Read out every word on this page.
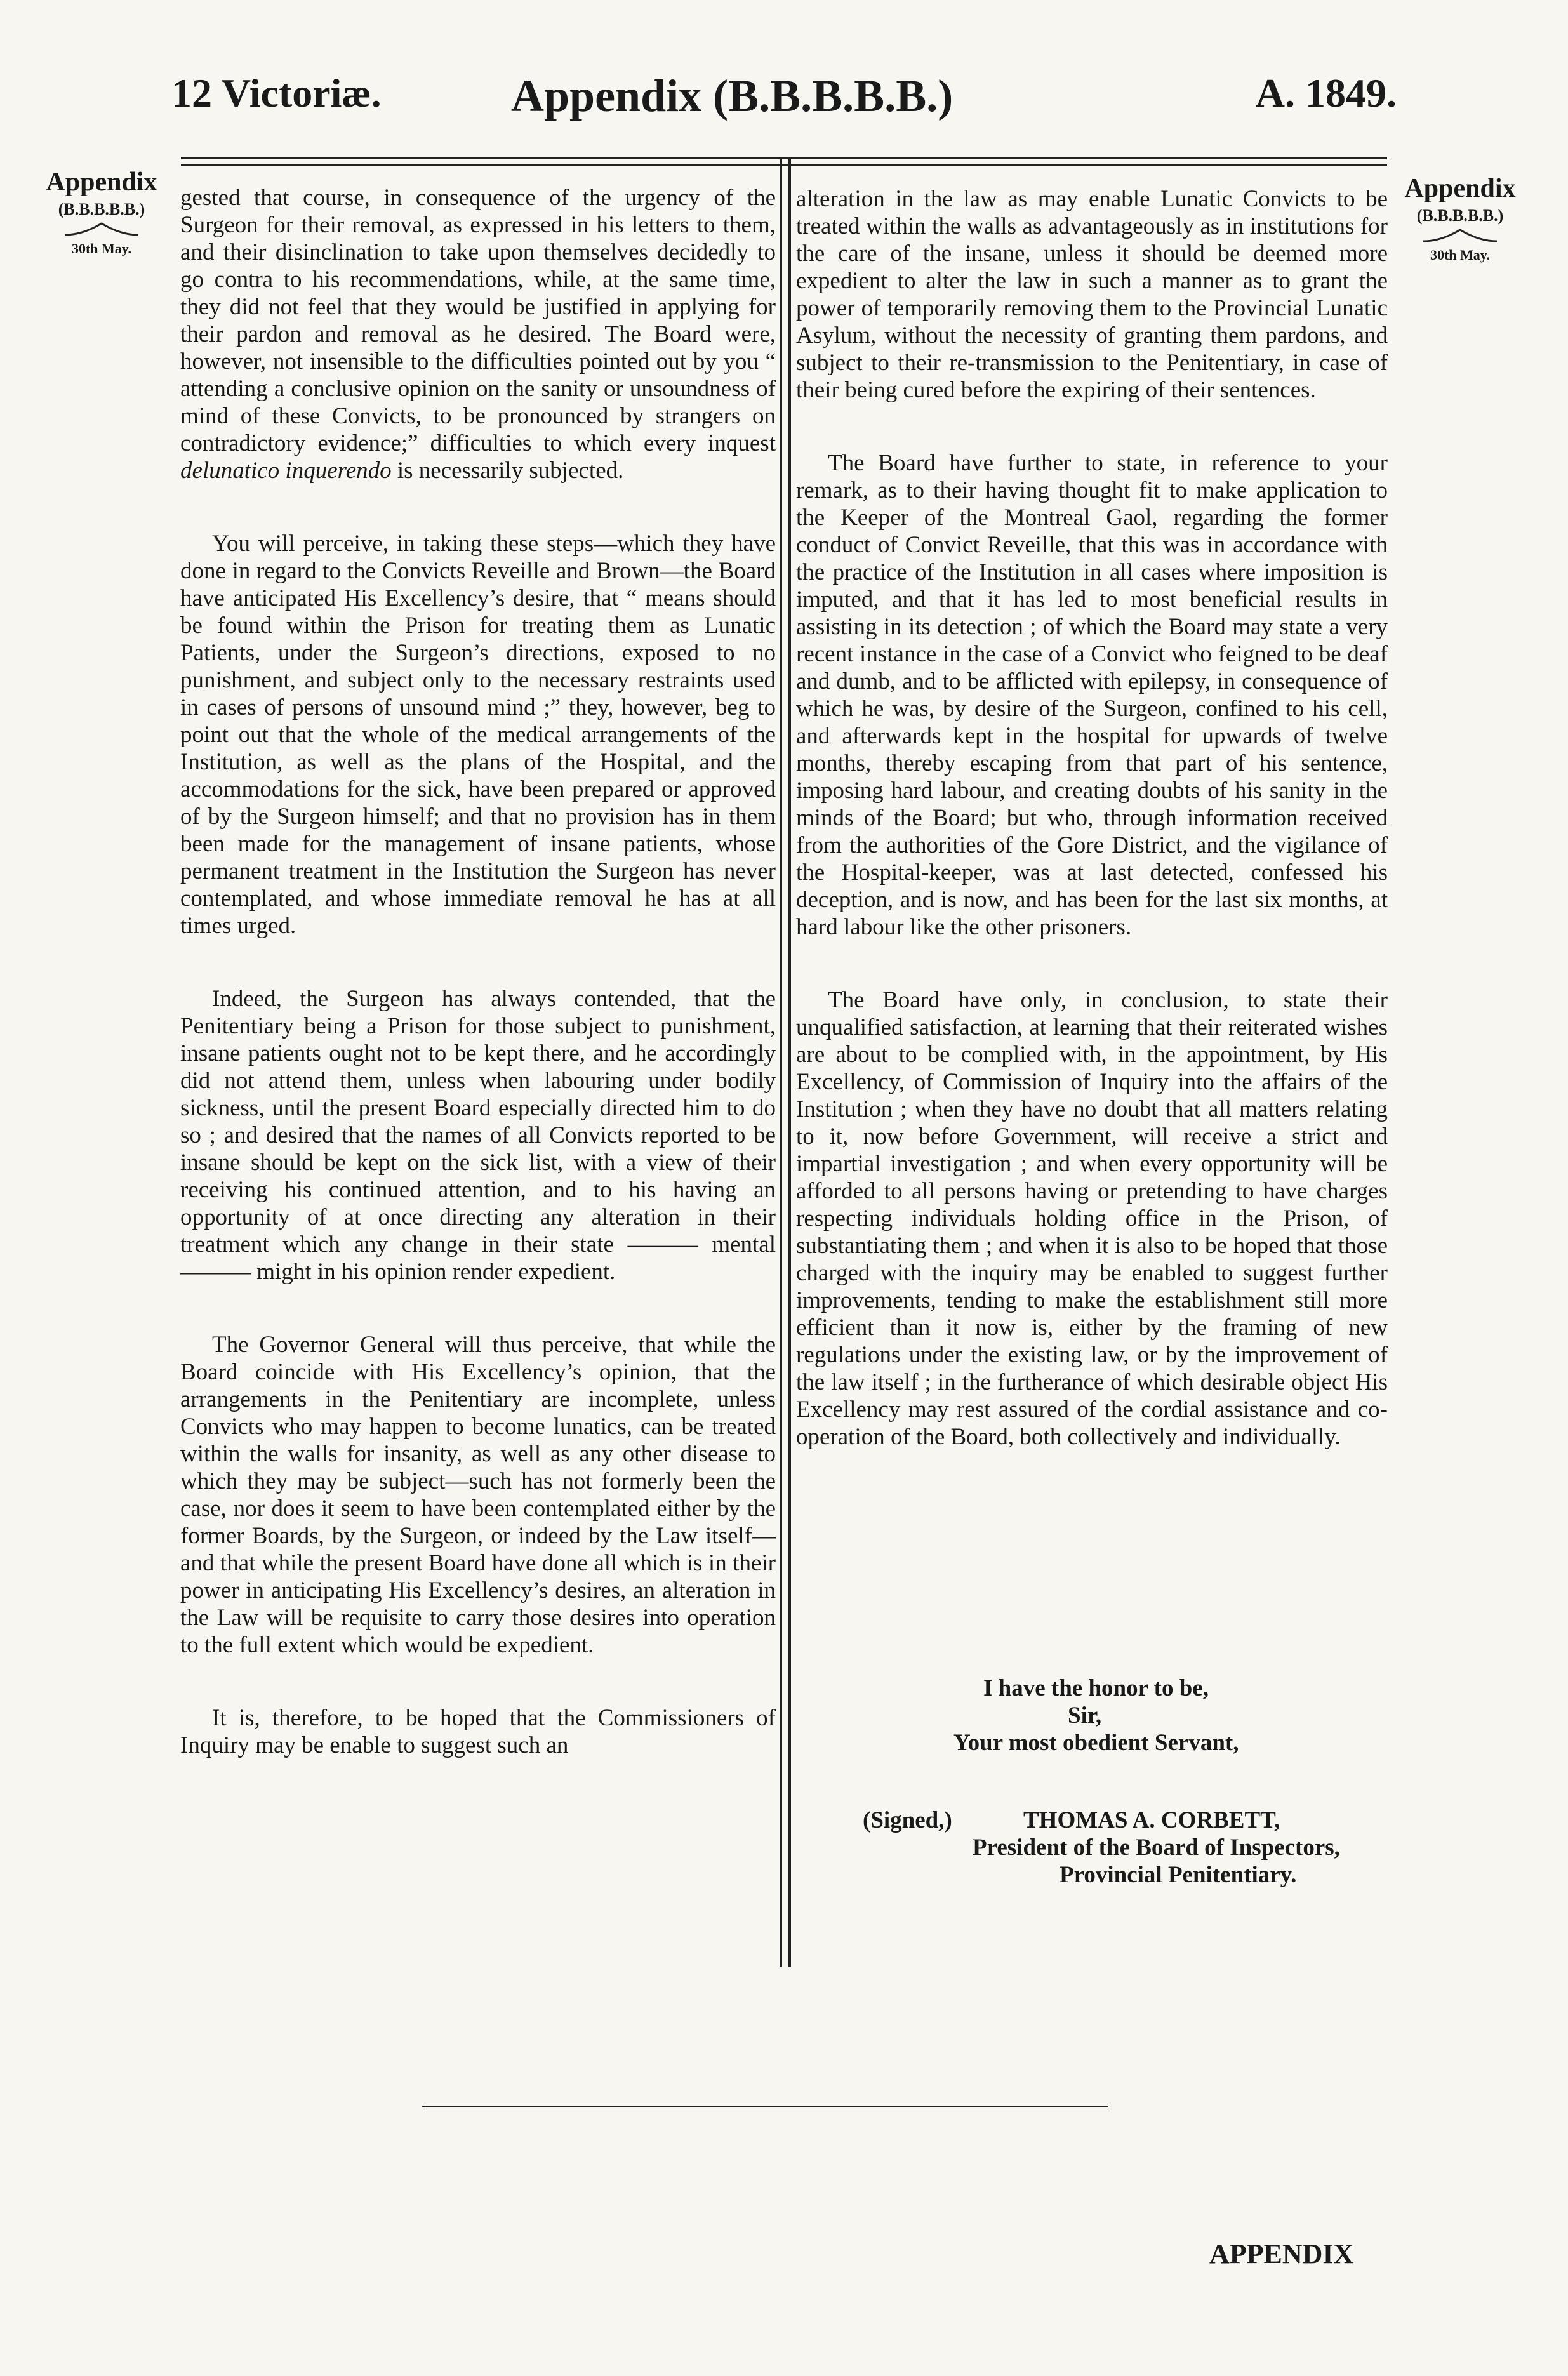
12 Victoriæ.	Appendix (B.B.B.B.B.)	A. 1849.
Appendix
(B.B.B.B.B.)
30th May.
Appendix
(B.B.B.B.B.)
30th May.

gested that course, in consequence of the urgency of the Surgeon for their removal, as expressed in his letters to them, and their disinclination to take upon themselves decidedly to go contra to his recommendations, while, at the same time, they did not feel that they would be justified in applying for their pardon and removal as he desired. The Board were, however, not insensible to the difficulties pointed out by you “ attending a conclusive opinion on the sanity or unsoundness of mind of these Convicts, to be pronounced by strangers on contradictory evidence;” difficulties to which every inquest delunatico inquerendo is necessarily subjected.

You will perceive, in taking these steps—which they have done in regard to the Convicts Reveille and Brown—the Board have anticipated His Excellency’s desire, that “ means should be found within the Prison for treating them as Lunatic Patients, under the Surgeon’s directions, exposed to no punishment, and subject only to the necessary restraints used in cases of persons of unsound mind ;” they, however, beg to point out that the whole of the medical arrangements of the Institution, as well as the plans of the Hospital, and the accommodations for the sick, have been prepared or approved of by the Surgeon himself; and that no provision has in them been made for the management of insane patients, whose permanent treatment in the Institution the Surgeon has never contemplated, and whose immediate removal he has at all times urged.

Indeed, the Surgeon has always contended, that the Penitentiary being a Prison for those subject to punishment, insane patients ought not to be kept there, and he accordingly did not attend them, unless when labouring under bodily sickness, until the present Board especially directed him to do so ; and desired that the names of all Convicts reported to be insane should be kept on the sick list, with a view of their receiving his continued attention, and to his having an opportunity of at once directing any alteration in their treatment which any change in their state ——— mental ——— might in his opinion render expedient.

The Governor General will thus perceive, that while the Board coincide with His Excellency’s opinion, that the arrangements in the Penitentiary are incomplete, unless Convicts who may happen to become lunatics, can be treated within the walls for insanity, as well as any other disease to which they may be subject—such has not formerly been the case, nor does it seem to have been contemplated either by the former Boards, by the Surgeon, or indeed by the Law itself—and that while the present Board have done all which is in their power in anticipating His Excellency’s desires, an alteration in the Law will be requisite to carry those desires into operation to the full extent which would be expedient.

It is, therefore, to be hoped that the Commissioners of Inquiry may be enable to suggest such an

alteration in the law as may enable Lunatic Convicts to be treated within the walls as advantageously as in institutions for the care of the insane, unless it should be deemed more expedient to alter the law in such a manner as to grant the power of temporarily removing them to the Provincial Lunatic Asylum, without the necessity of granting them pardons, and subject to their re-transmission to the Penitentiary, in case of their being cured before the expiring of their sentences.

The Board have further to state, in reference to your remark, as to their having thought fit to make application to the Keeper of the Montreal Gaol, regarding the former conduct of Convict Reveille, that this was in accordance with the practice of the Institution in all cases where imposition is imputed, and that it has led to most beneficial results in assisting in its detection ; of which the Board may state a very recent instance in the case of a Convict who feigned to be deaf and dumb, and to be afflicted with epilepsy, in consequence of which he was, by desire of the Surgeon, confined to his cell, and afterwards kept in the hospital for upwards of twelve months, thereby escaping from that part of his sentence, imposing hard labour, and creating doubts of his sanity in the minds of the Board; but who, through information received from the authorities of the Gore District, and the vigilance of the Hospital-keeper, was at last detected, confessed his deception, and is now, and has been for the last six months, at hard labour like the other prisoners.

The Board have only, in conclusion, to state their unqualified satisfaction, at learning that their reiterated wishes are about to be complied with, in the appointment, by His Excellency, of Commission of Inquiry into the affairs of the Institution ; when they have no doubt that all matters relating to it, now before Government, will receive a strict and impartial investigation ; and when every opportunity will be afforded to all persons having or pretending to have charges respecting individuals holding office in the Prison, of substantiating them ; and when it is also to be hoped that those charged with the inquiry may be enabled to suggest further improvements, tending to make the establishment still more efficient than it now is, either by the framing of new regulations under the existing law, or by the improvement of the law itself ; in the furtherance of which desirable object His Excellency may rest assured of the cordial assistance and co-operation of the Board, both collectively and individually.

I have the honor to be,
Sir,
Your most obedient Servant,
(Signed,)	THOMAS A. CORBETT,
President of the Board of Inspectors,
Provincial Penitentiary.
APPENDIX
